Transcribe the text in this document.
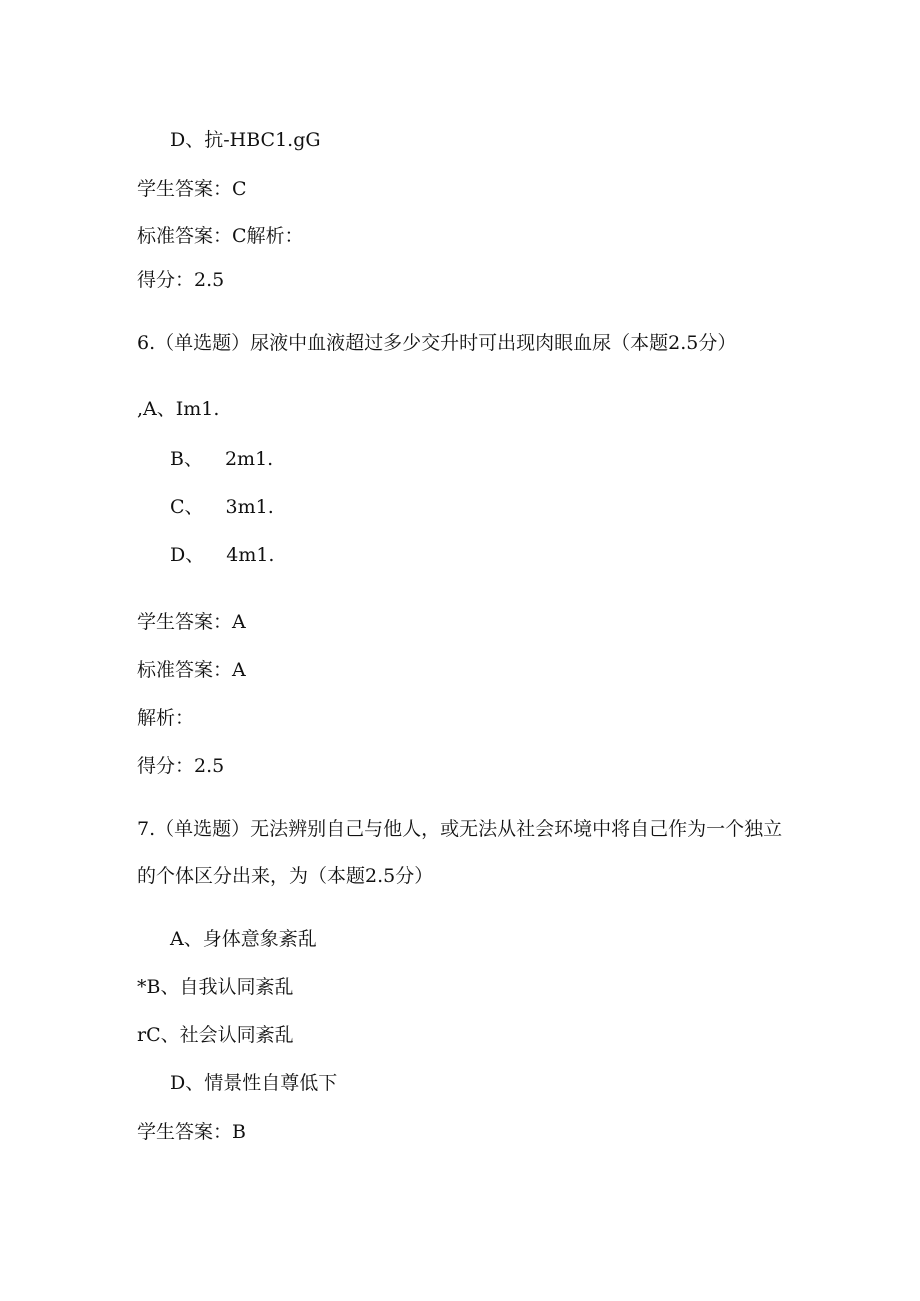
D、抗-HBC1.gG
学生答案：C
标准答案：C解析：
得分：2.5
6.（单选题）尿液中血液超过多少交升时可出现肉眼血尿（本题2.5分）
,A、Im1.
B、 2m1.
C、 3m1.
D、 4m1.
学生答案：A
标准答案：A
解析：
得分：2.5
7.（单选题）无法辨别自己与他人，或无法从社会环境中将自己作为一个独立
的个体区分出来，为（本题2.5分）
A、身体意象紊乱
*B、自我认同紊乱
rC、社会认同紊乱
D、情景性自尊低下
学生答案：B
